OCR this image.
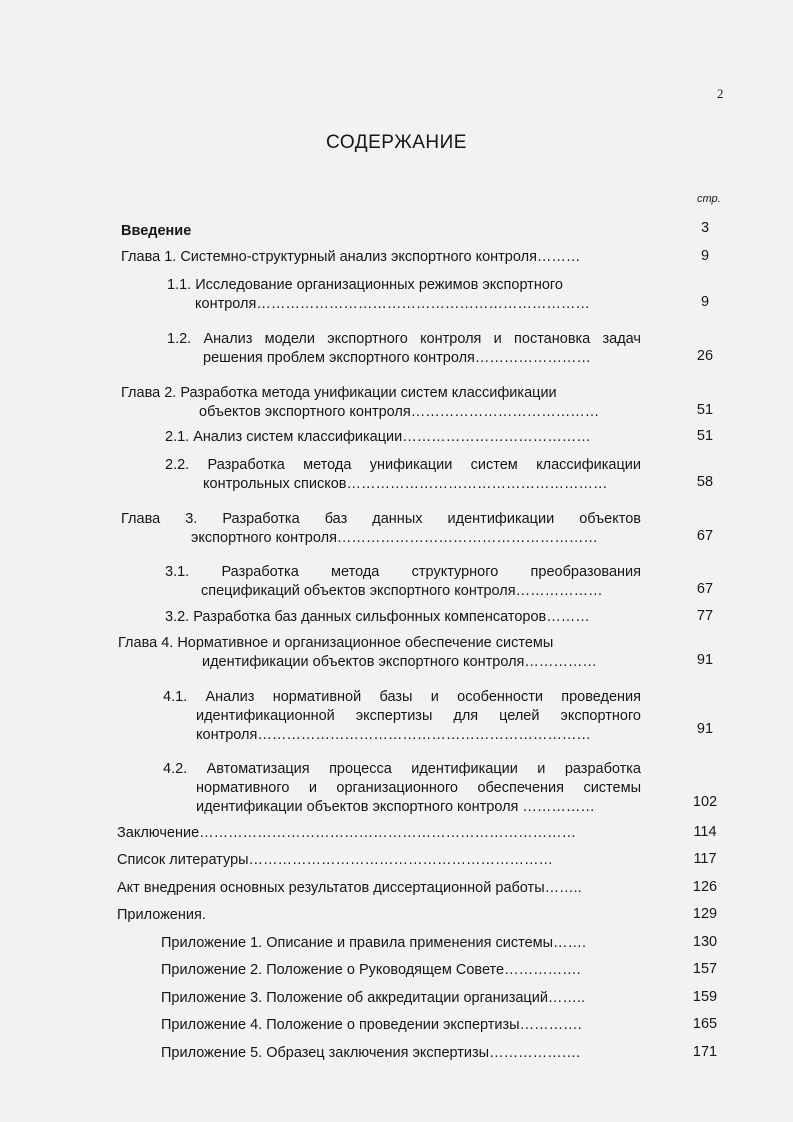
2
СОДЕРЖАНИЕ
стр.
Введение	3
Глава 1. Системно-структурный анализ экспортного контроля………	9
1.1. Исследование организационных режимов экспортного
контроля……………………………………………………………	9
1.2. Анализ модели экспортного контроля и постановка задач
решения проблем экспортного контроля……………………	26
Глава 2. Разработка метода унификации систем классификации
объектов экспортного контроля…………………………………	51
2.1. Анализ систем классификации…………………………………	51
2.2. Разработка метода унификации систем классификации
контрольных списков………………………………………………	58
Глава 3. Разработка баз данных идентификации объектов
экспортного контроля………………………………………………	67
3.1. Разработка метода структурного преобразования
спецификаций объектов экспортного контроля………………	67
3.2. Разработка баз данных сильфонных компенсаторов………	77
Глава 4. Нормативное и организационное обеспечение системы
идентификации объектов экспортного контроля……………	91
4.1. Анализ нормативной базы и особенности проведения
идентификационной экспертизы для целей экспортного
контроля……………………………………………………………	91
4.2. Автоматизация процесса идентификации и разработка
нормативного и организационного обеспечения системы
идентификации объектов экспортного контроля ……………	102
Заключение……………………………………………………………………	114
Список литературы………………………………………………………	117
Акт внедрения основных результатов диссертационной работы……..	126
Приложения.	129
Приложение 1. Описание и правила применения системы…….	130
Приложение 2. Положение о Руководящем Совете…………….	157
Приложение 3. Положение об аккредитации организаций……..	159
Приложение 4. Положение о проведении экспертизы………….	165
Приложение 5. Образец заключения экспертизы……………….	171
